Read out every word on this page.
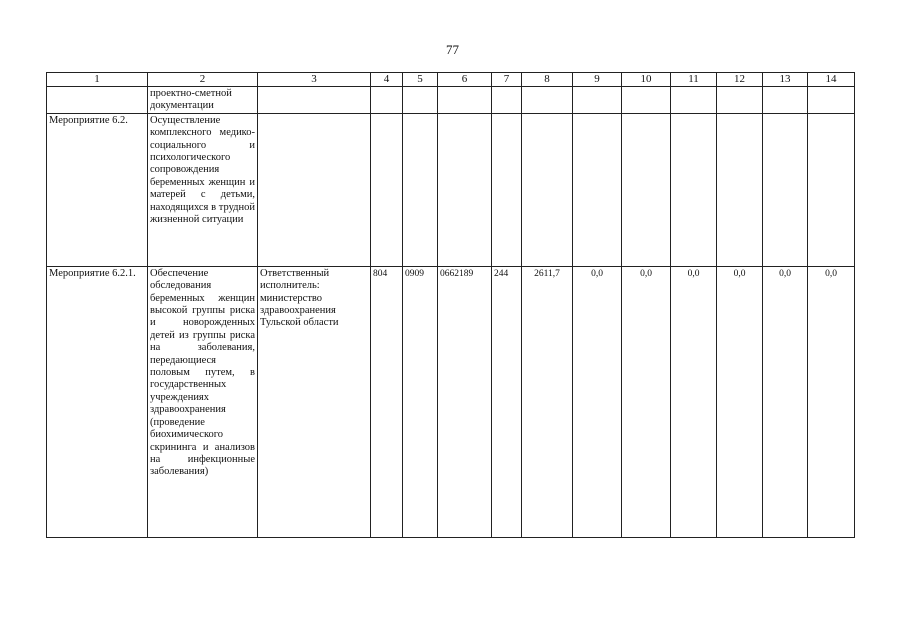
77
1	2	3	4	5	6	7	8	9	10	11	12	13	14
	проектно-сметной документации												
Мероприятие 6.2.	Осуществление комплексного медико-социального и психологического сопровождения беременных женщин и матерей с детьми, находящихся в трудной жизненной ситуации												
Мероприятие 6.2.1.	Обеспечение обследования беременных женщин высокой группы риска и новорожденных детей из группы риска на заболевания, передающиеся половым путем, в государственных учреждениях здравоохранения (проведение биохимического скрининга и анализов на инфекционные заболевания)	Ответственный исполнитель: министерство здравоохранения Тульской области	804	0909	0662189	244	2611,7	0,0	0,0	0,0	0,0	0,0	0,0
